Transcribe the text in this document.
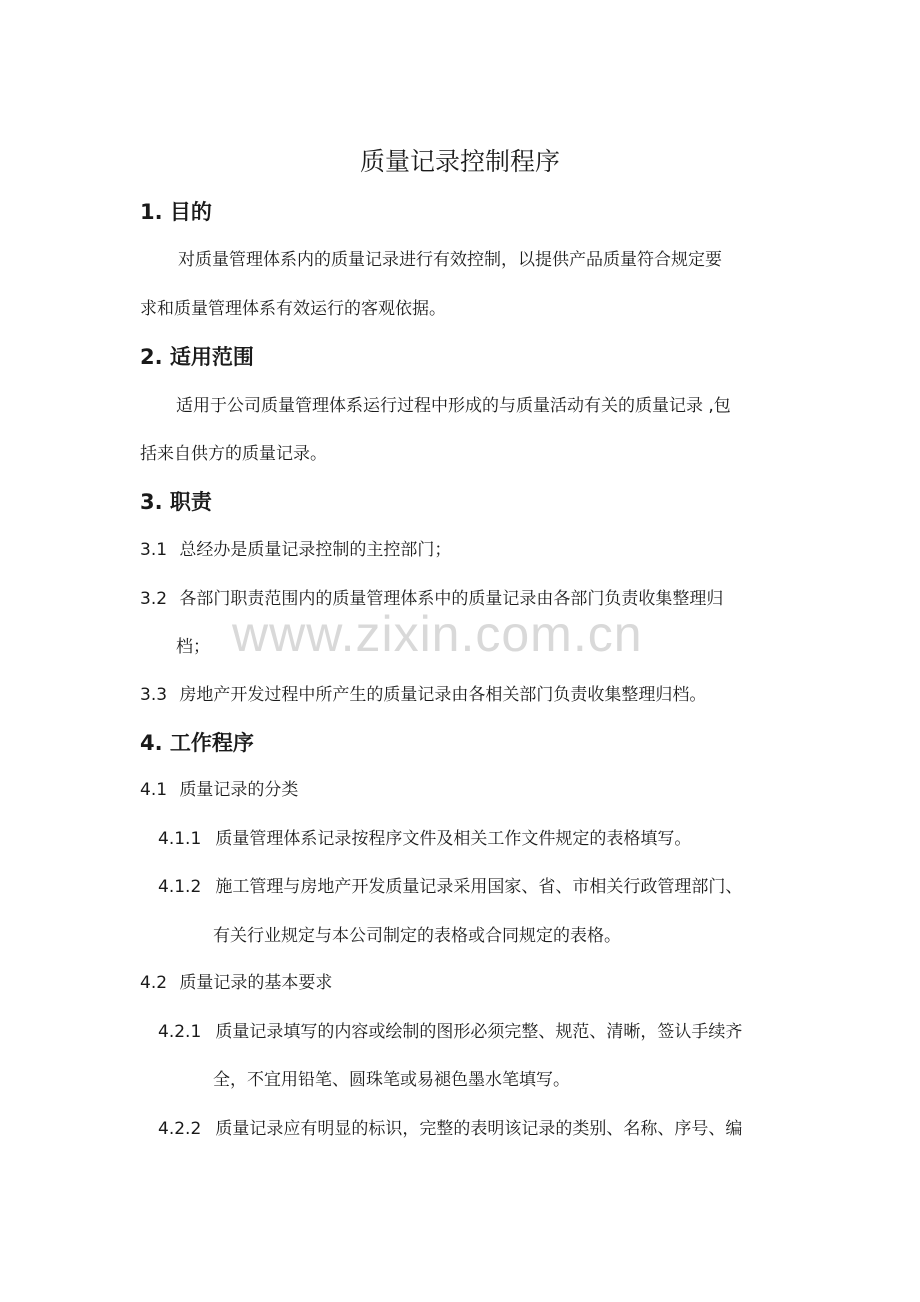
质量记录控制程序
1. 目的
对质量管理体系内的质量记录进行有效控制，以提供产品质量符合规定要
求和质量管理体系有效运行的客观依据。
2. 适用范围
适用于公司质量管理体系运行过程中形成的与质量活动有关的质量记录 ,包
括来自供方的质量记录。
3. 职责
3.1 总经办是质量记录控制的主控部门；
3.2 各部门职责范围内的质量管理体系中的质量记录由各部门负责收集整理归
档；
3.3 房地产开发过程中所产生的质量记录由各相关部门负责收集整理归档。
4. 工作程序
4.1 质量记录的分类
4.1.1 质量管理体系记录按程序文件及相关工作文件规定的表格填写。
4.1.2 施工管理与房地产开发质量记录采用国家、省、市相关行政管理部门、
有关行业规定与本公司制定的表格或合同规定的表格。
4.2 质量记录的基本要求
4.2.1 质量记录填写的内容或绘制的图形必须完整、规范、清晰，签认手续齐
全，不宜用铅笔、圆珠笔或易褪色墨水笔填写。
4.2.2 质量记录应有明显的标识，完整的表明该记录的类别、名称、序号、编
www.zixin.com.cn
